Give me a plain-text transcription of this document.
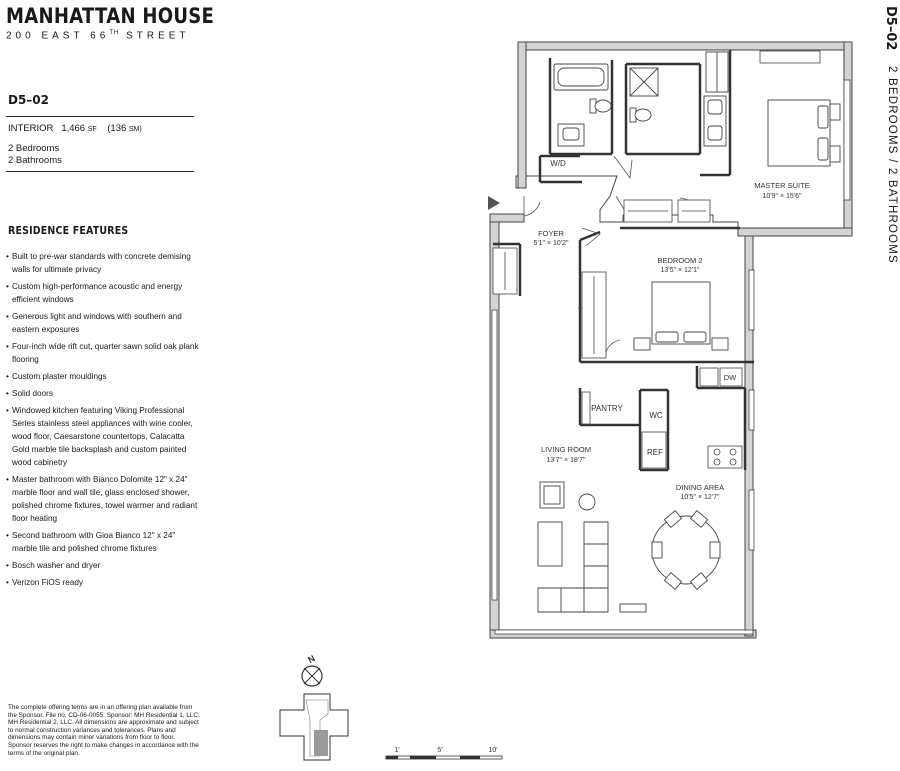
MANHATTAN HOUSE
200 EAST 66TH STREET
D5–02
INTERIOR 1,466 SF (136 SM)
2 Bedrooms
2 Bathrooms
RESIDENCE FEATURES
• Built to pre-war standards with concrete demising walls for ultimate privacy
• Custom high-performance acoustic and energy efficient windows
• Generous light and windows with southern and eastern exposures
• Four-inch wide rift cut, quarter sawn solid oak plank flooring
• Custom plaster mouldings
• Solid doors
• Windowed kitchen featuring Viking Professional Series stainless steel appliances with wine cooler, wood floor, Caesarstone countertops, Calacatta Gold marble tile backsplash and custom painted wood cabinetry
• Master bathroom with Bianco Dolomite 12" x 24" marble floor and wall tile, glass enclosed shower, polished chrome fixtures, towel warmer and radiant floor heating
• Second bathroom with Gioa Bianco 12" x 24" marble tile and polished chrome fixtures
• Bosch washer and dryer
• Verizon FiOS ready
The complete offering terms are in an offering plan available from the Sponsor. File no. CD-06-0055. Sponsor: MH Residential 1, LLC; MH Residential 2, LLC. All dimensions are approximate and subject to normal construction variances and tolerances. Plans and dimensions may contain minor variations from floor to floor. Sponsor reserves the right to make changes in accordance with the terms of the original plan.
D5–02
2 BEDROOMS / 2 BATHROOMS
MASTER SUITE
10'9" × 15'6"
BEDROOM 2
13'5" × 12'1"
FOYER
5'1" × 10'2"
LIVING ROOM
13'7" × 18'7"
DINING AREA
10'5" × 12'7"
W/D
PANTRY
WC
REF
DW
N
1'	5'	10'
